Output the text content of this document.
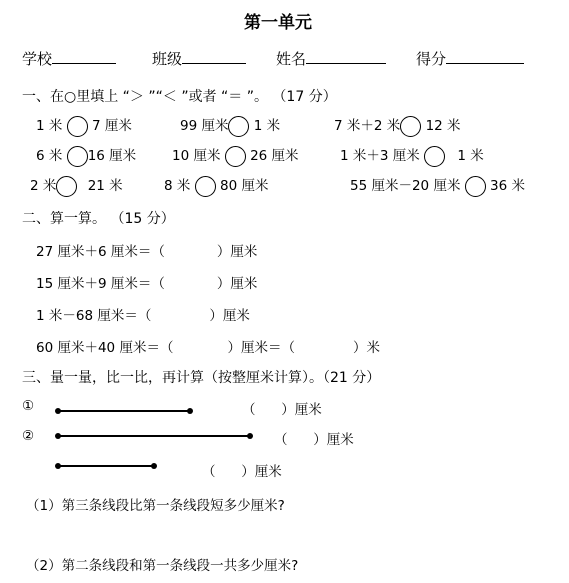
第一单元
学校	班级	姓名	得分
一、在○里填上 “＞ ”“＜ ”或者 “＝ ”。 （17 分）
1 米 7 厘米	99 厘米 1 米	7 米＋2 米 12 米
6 米 16 厘米	10 厘米 26 厘米	1 米＋3 厘米	1 米
2 米 21 米	8 米 80 厘米	55 厘米－20 厘米 36 米
二、算一算。 （15 分）
27 厘米＋6 厘米＝（	）厘米
15 厘米＋9 厘米＝（	）厘米
1 米－68 厘米＝（	）厘米
60 厘米＋40 厘米＝（	）厘米＝（	）米
三、量一量，比一比，再计算（按整厘米计算）。（21 分）
①
②
（      ）厘米
（      ）厘米
（      ）厘米
（1）第三条线段比第一条线段短多少厘米?
（2）第二条线段和第一条线段一共多少厘米?
